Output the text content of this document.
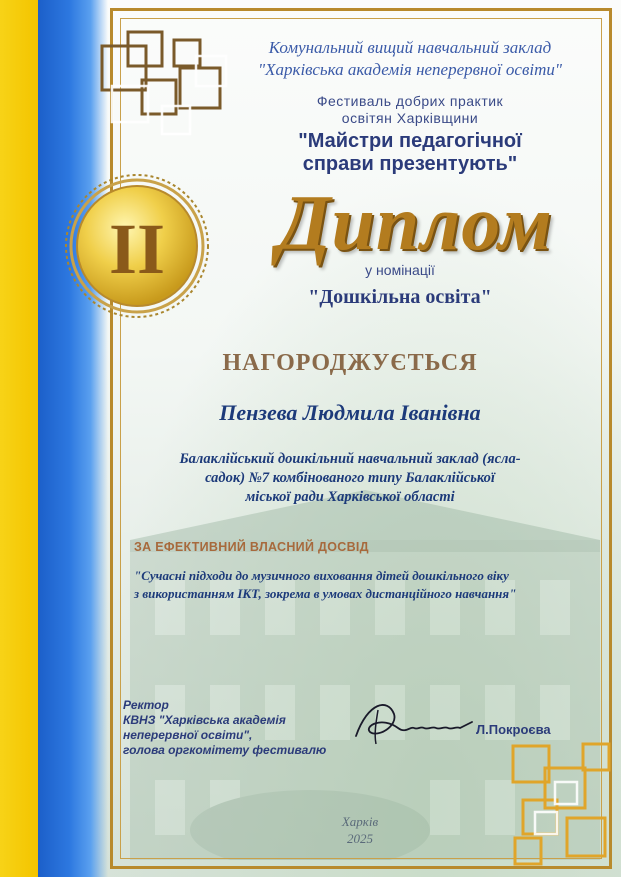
II
Комунальний вищий навчальний заклад
"Харківська академія неперервної освіти"
Фестиваль добрих практик
освітян Харківщини
"Майстри педагогічної
справи презентують"
Диплом
у номінації
"Дошкільна освіта"
НАГОРОДЖУЄТЬСЯ
Пензева Людмила Іванівна
Балаклійський дошкільний навчальний заклад (ясла-
садок) №7 комбінованого типу Балаклійської
міської ради Харківської області
ЗА ЕФЕКТИВНИЙ ВЛАСНИЙ ДОСВІД
"Сучасні підходи до музичного виховання дітей дошкільного віку
з використанням ІКТ, зокрема в умовах дистанційного навчання"
Ректор
КВНЗ "Харківська академія
неперервної освіти",
голова оргкомітету фестивалю
Л.Покроєва
Харків
2025
